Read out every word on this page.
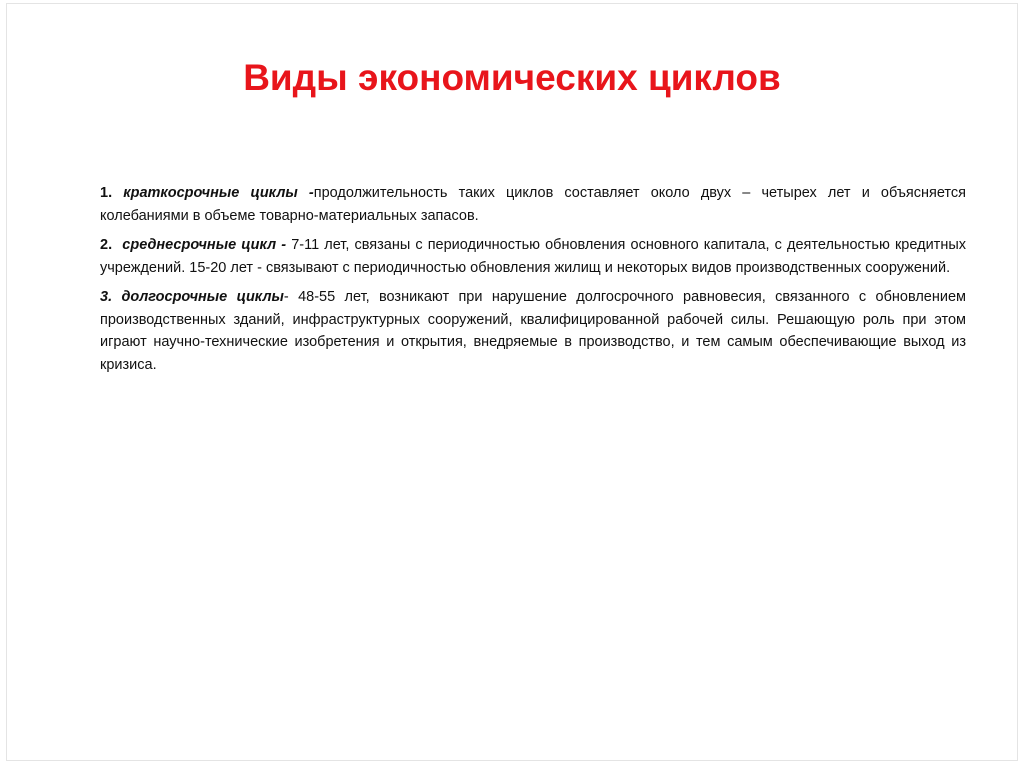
Виды экономических циклов

1. краткосрочные циклы -продолжительность таких циклов составляет около двух – четырех лет и объясняется колебаниями в объеме товарно-материальных запасов.

2.  среднесрочные цикл - 7-11 лет, связаны с периодичностью обновления основного капитала, с деятельностью кредитных учреждений. 15-20 лет - связывают с периодичностью обновления жилищ и некоторых видов производственных сооружений.

3. долгосрочные циклы- 48-55 лет, возникают при нарушение долгосрочного равновесия, связанного с обновлением производственных зданий, инфраструктурных сооружений, квалифицированной рабочей силы. Решающую роль при этом играют научно-технические изобретения и открытия, внедряемые в производство, и тем самым обеспечивающие выход из кризиса.
